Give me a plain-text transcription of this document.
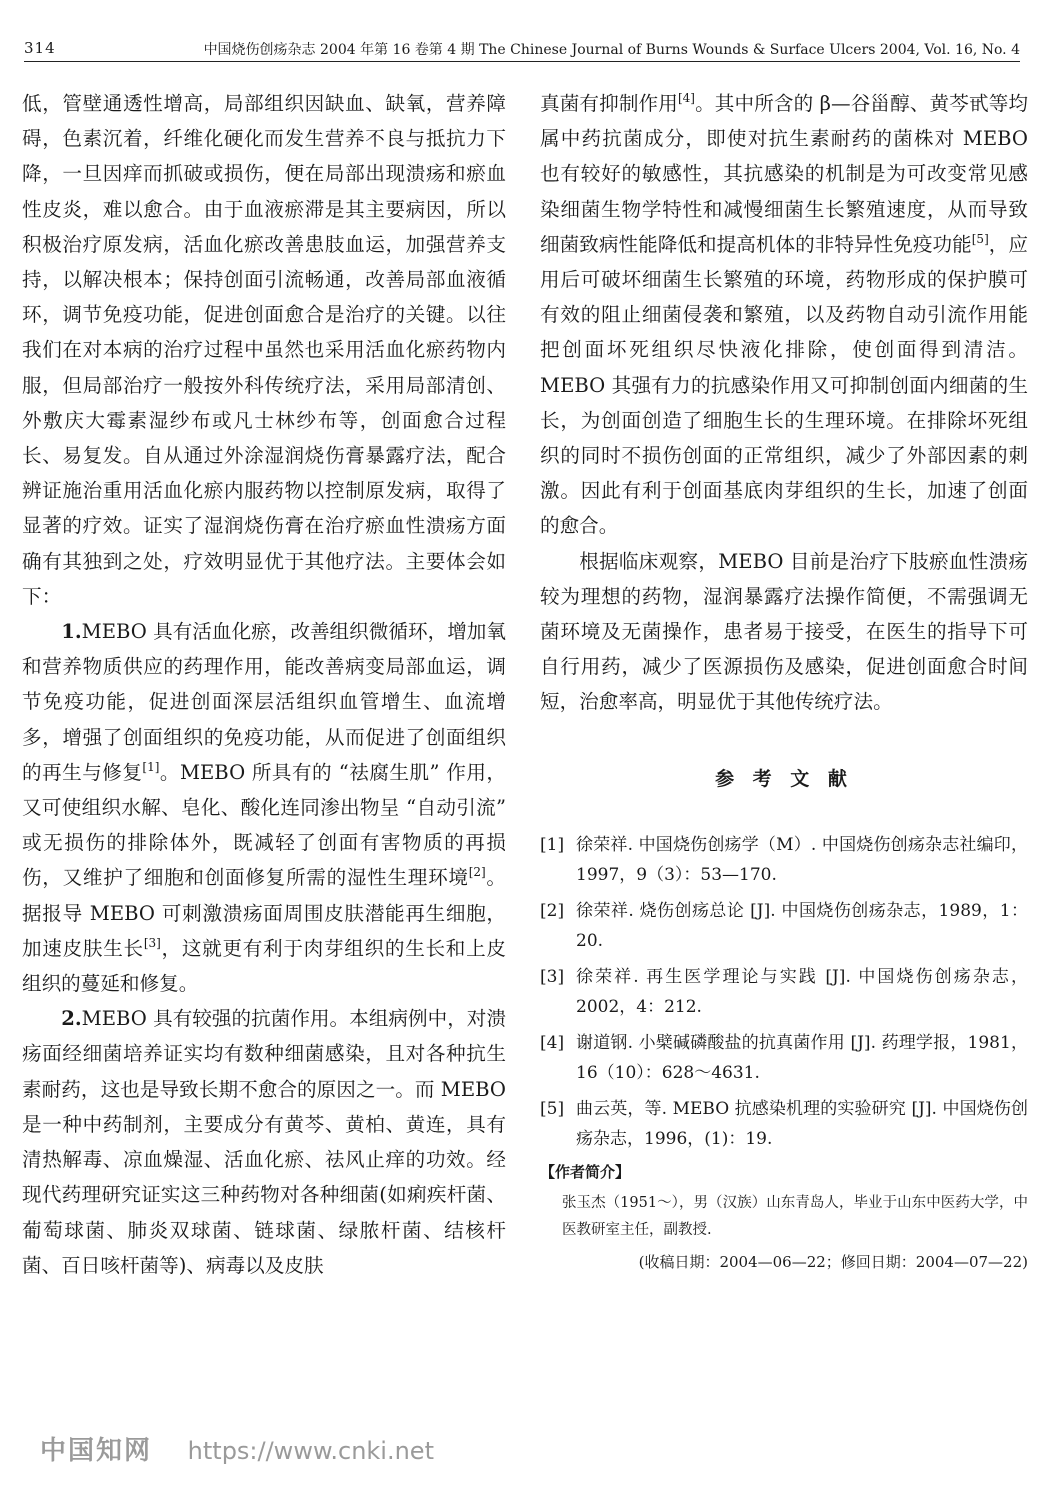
314	中国烧伤创疡杂志 2004 年第 16 卷第 4 期 The Chinese Journal of Burns Wounds & Surface Ulcers 2004, Vol. 16, No. 4

低，管壁通透性增高，局部组织因缺血、缺氧，营养障碍，色素沉着，纤维化硬化而发生营养不良与抵抗力下降，一旦因痒而抓破或损伤，便在局部出现溃疡和瘀血性皮炎，难以愈合。由于血液瘀滞是其主要病因，所以积极治疗原发病，活血化瘀改善患肢血运，加强营养支持，以解决根本；保持创面引流畅通，改善局部血液循环，调节免疫功能，促进创面愈合是治疗的关键。以往我们在对本病的治疗过程中虽然也采用活血化瘀药物内服，但局部治疗一般按外科传统疗法，采用局部清创、外敷庆大霉素湿纱布或凡士林纱布等，创面愈合过程长、易复发。自从通过外涂湿润烧伤膏暴露疗法，配合辨证施治重用活血化瘀内服药物以控制原发病，取得了显著的疗效。证实了湿润烧伤膏在治疗瘀血性溃疡方面确有其独到之处，疗效明显优于其他疗法。主要体会如下：

1.MEBO 具有活血化瘀，改善组织微循环，增加氧和营养物质供应的药理作用，能改善病变局部血运，调节免疫功能，促进创面深层活组织血管增生、血流增多，增强了创面组织的免疫功能，从而促进了创面组织的再生与修复[1]。MEBO 所具有的 “祛腐生肌” 作用，又可使组织水解、皂化、酸化连同渗出物呈 “自动引流” 或无损伤的排除体外，既减轻了创面有害物质的再损伤，又维护了细胞和创面修复所需的湿性生理环境[2]。据报导 MEBO 可刺激溃疡面周围皮肤潜能再生细胞，加速皮肤生长[3]，这就更有利于肉芽组织的生长和上皮组织的蔓延和修复。

2.MEBO 具有较强的抗菌作用。本组病例中，对溃疡面经细菌培养证实均有数种细菌感染，且对各种抗生素耐药，这也是导致长期不愈合的原因之一。而 MEBO 是一种中药制剂，主要成分有黄芩、黄柏、黄连，具有清热解毒、凉血燥湿、活血化瘀、祛风止痒的功效。经现代药理研究证实这三种药物对各种细菌(如痢疾杆菌、葡萄球菌、肺炎双球菌、链球菌、绿脓杆菌、结核杆菌、百日咳杆菌等)、病毒以及皮肤

真菌有抑制作用[4]。其中所含的 β—谷甾醇、黄芩甙等均属中药抗菌成分，即使对抗生素耐药的菌株对 MEBO 也有较好的敏感性，其抗感染的机制是为可改变常见感染细菌生物学特性和减慢细菌生长繁殖速度，从而导致细菌致病性能降低和提高机体的非特异性免疫功能[5]，应用后可破坏细菌生长繁殖的环境，药物形成的保护膜可有效的阻止细菌侵袭和繁殖，以及药物自动引流作用能把创面坏死组织尽快液化排除，使创面得到清洁。MEBO 其强有力的抗感染作用又可抑制创面内细菌的生长，为创面创造了细胞生长的生理环境。在排除坏死组织的同时不损伤创面的正常组织，减少了外部因素的刺激。因此有利于创面基底肉芽组织的生长，加速了创面的愈合。

根据临床观察，MEBO 目前是治疗下肢瘀血性溃疡较为理想的药物，湿润暴露疗法操作简便，不需强调无菌环境及无菌操作，患者易于接受，在医生的指导下可自行用药，减少了医源损伤及感染，促进创面愈合时间短，治愈率高，明显优于其他传统疗法。

参 考 文 献

[1] 徐荣祥. 中国烧伤创疡学（M）. 中国烧伤创疡杂志社编印，1997，9（3）：53—170.
[2] 徐荣祥. 烧伤创疡总论 [J]. 中国烧伤创疡杂志，1989，1：20.
[3] 徐荣祥. 再生医学理论与实践 [J]. 中国烧伤创疡杂志，2002，4：212.
[4] 谢道钢. 小檗碱磷酸盐的抗真菌作用 [J]. 药理学报，1981，16（10）：628～4631.
[5] 曲云英，等. MEBO 抗感染机理的实验研究 [J]. 中国烧伤创疡杂志，1996，(1)：19.
【作者简介】
张玉杰（1951～），男（汉族）山东青岛人，毕业于山东中医药大学，中医教研室主任，副教授.
(收稿日期：2004—06—22；修回日期：2004—07—22)
中国知网 https://www.cnki.net
